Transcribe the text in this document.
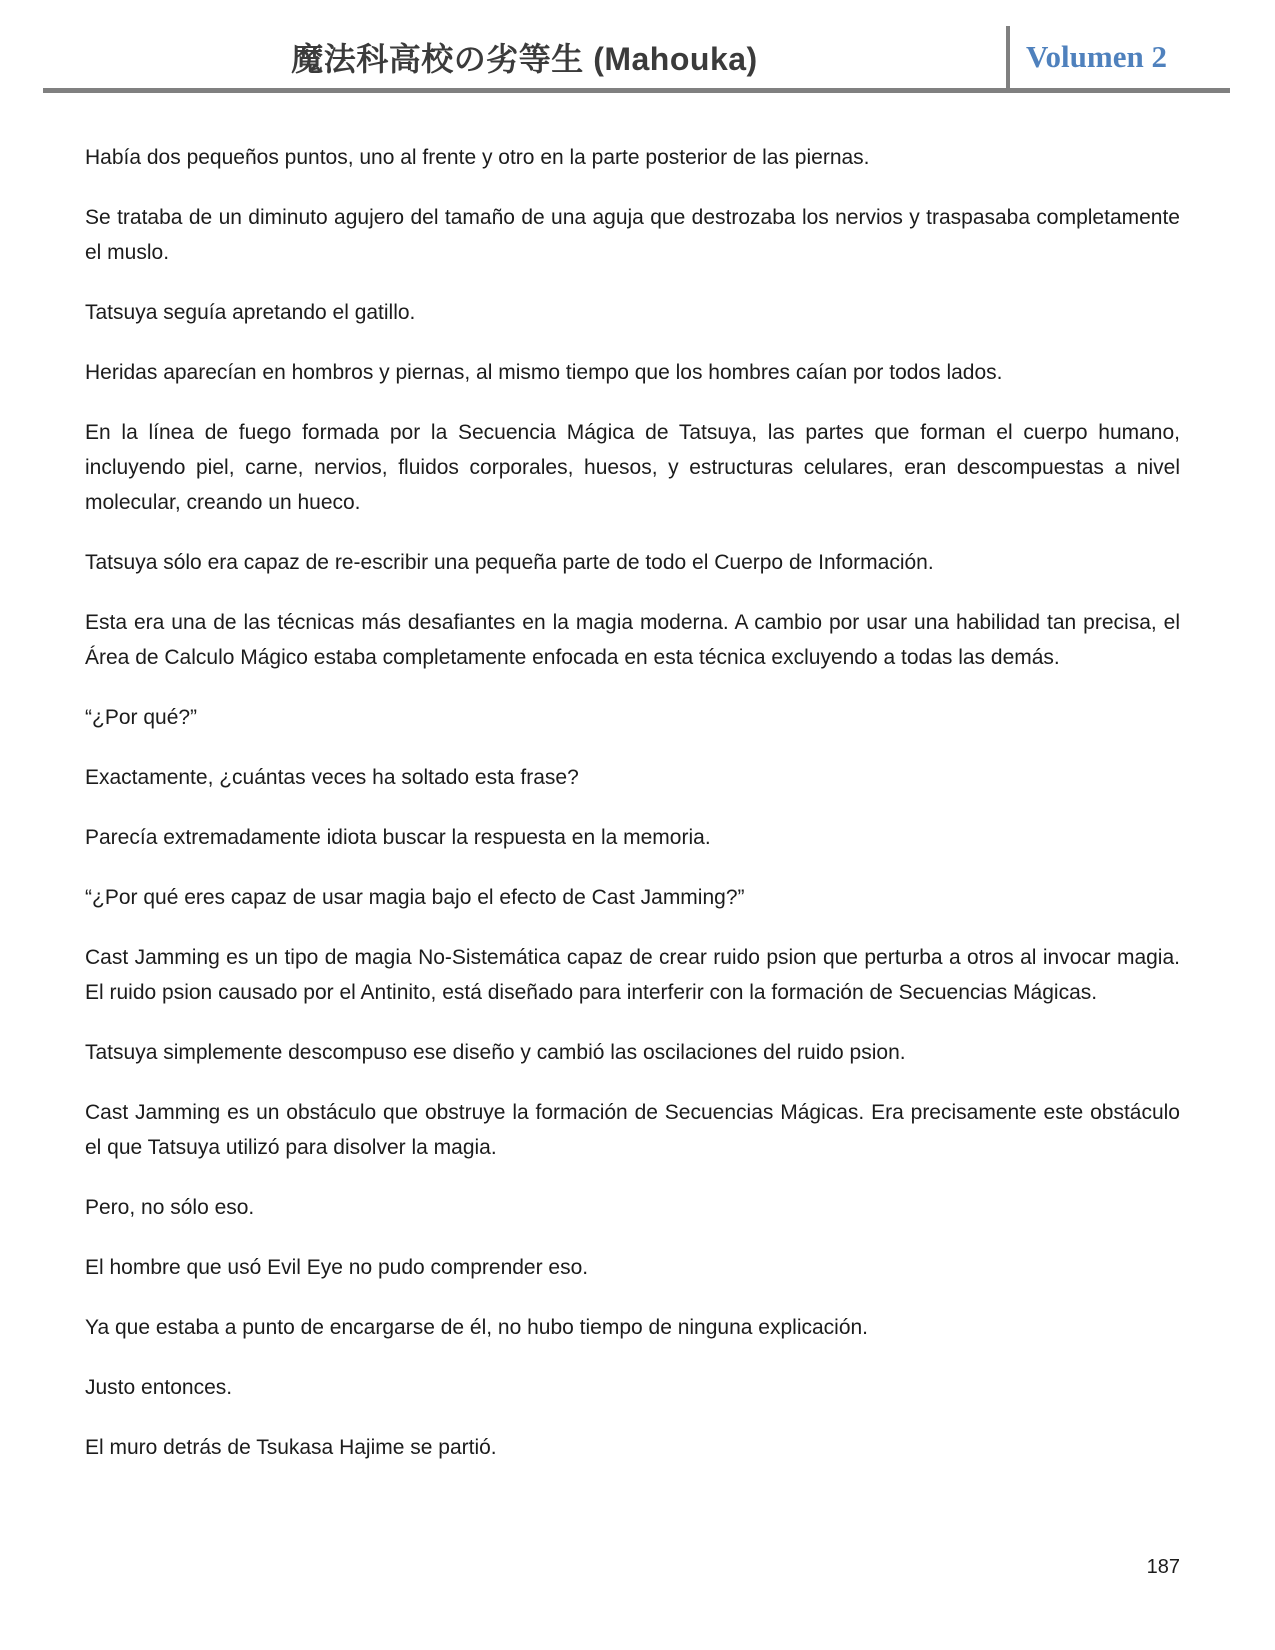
魔法科高校の劣等生 (Mahouka)	Volumen 2

Había dos pequeños puntos, uno al frente y otro en la parte posterior de las piernas.

Se trataba de un diminuto agujero del tamaño de una aguja que destrozaba los nervios y traspasaba completamente el muslo.

Tatsuya seguía apretando el gatillo.

Heridas aparecían en hombros y piernas, al mismo tiempo que los hombres caían por todos lados.

En la línea de fuego formada por la Secuencia Mágica de Tatsuya, las partes que forman el cuerpo humano, incluyendo piel, carne, nervios, fluidos corporales, huesos, y estructuras celulares, eran descompuestas a nivel molecular, creando un hueco.

Tatsuya sólo era capaz de re-escribir una pequeña parte de todo el Cuerpo de Información.

Esta era una de las técnicas más desafiantes en la magia moderna. A cambio por usar una habilidad tan precisa, el Área de Calculo Mágico estaba completamente enfocada en esta técnica excluyendo a todas las demás.

“¿Por qué?”

Exactamente, ¿cuántas veces ha soltado esta frase?

Parecía extremadamente idiota buscar la respuesta en la memoria.

“¿Por qué eres capaz de usar magia bajo el efecto de Cast Jamming?”

Cast Jamming es un tipo de magia No-Sistemática capaz de crear ruido psion que perturba a otros al invocar magia. El ruido psion causado por el Antinito, está diseñado para interferir con la formación de Secuencias Mágicas.

Tatsuya simplemente descompuso ese diseño y cambió las oscilaciones del ruido psion.

Cast Jamming es un obstáculo que obstruye la formación de Secuencias Mágicas. Era precisamente este obstáculo el que Tatsuya utilizó para disolver la magia.

Pero, no sólo eso.

El hombre que usó Evil Eye no pudo comprender eso.

Ya que estaba a punto de encargarse de él, no hubo tiempo de ninguna explicación.

Justo entonces.

El muro detrás de Tsukasa Hajime se partió.

187
